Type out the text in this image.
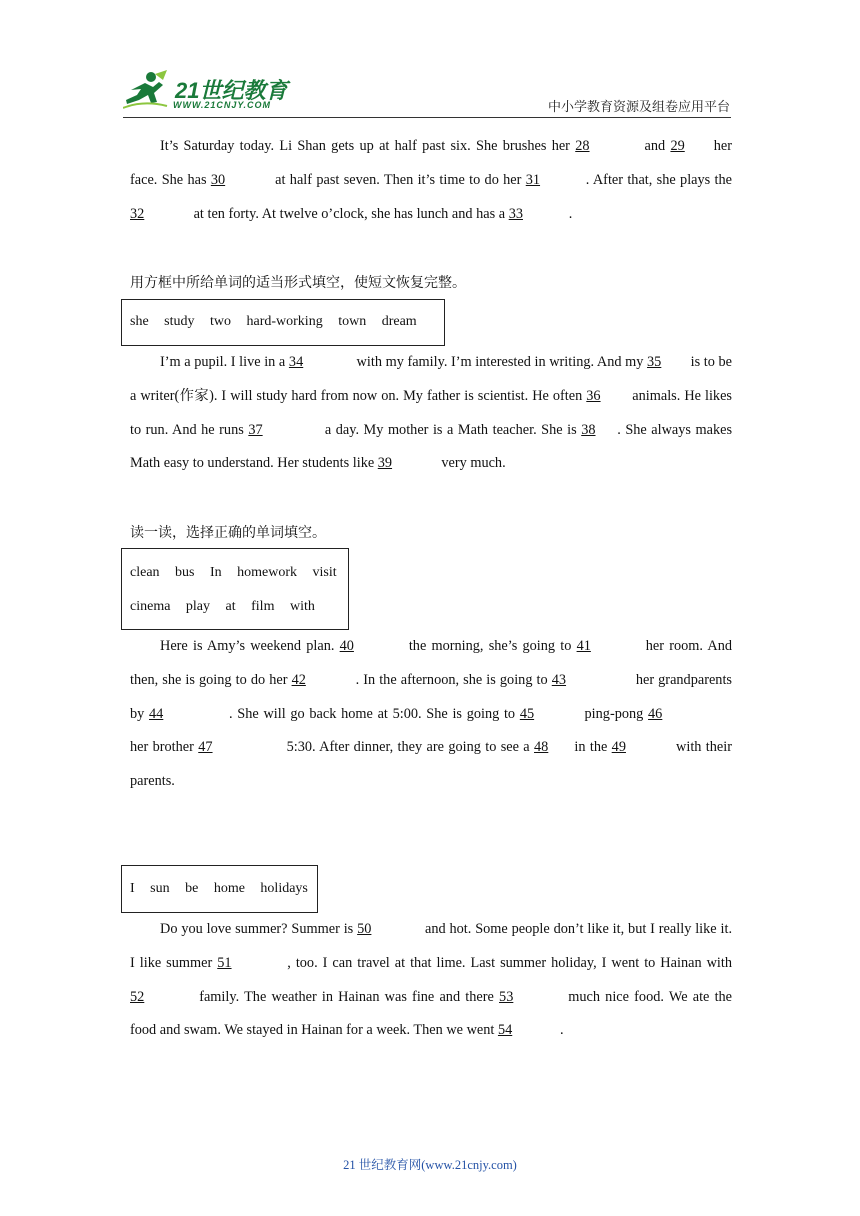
21世纪教育
WWW.21CNJY.COM	中小学教育资源及组卷应用平台
It’s Saturday today. Li Shan gets up at half past six. She brushes her 28	and 29 her face. She has 30	at half past seven. Then it’s time to do her 31	. After that, she plays the 32	at ten forty. At twelve o’clock, she has lunch and has a 33	.
用方框中所给单词的适当形式填空，使短文恢复完整。
she study two hard-working town dream
I’m a pupil. I live in a 34	with my family. I’m interested in writing. And my 35 is to be a writer(作家). I will study hard from now on. My father is scientist. He often 36 animals. He likes to run. And he runs 37	a day. My mother is a Math teacher. She is 38 . She always makes Math easy to understand. Her students like 39	very much.
读一读，选择正确的单词填空。
clean bus In homework visit
cinema play at film with
Here is Amy’s weekend plan. 40	the morning, she’s going to 41	her room. And then, she is going to do her 42	. In the afternoon, she is going to 43	her grandparents by 44	. She will go back home at 5:00. She is going to 45	ping-pong 46 her brother 47	5:30. After dinner, they are going to see a 48 in the 49	with their parents.
I sun be home holidays
Do you love summer? Summer is 50	and hot. Some people don’t like it, but I really like it. I like summer 51	, too. I can travel at that lime. Last summer holiday, I went to Hainan with 52	family. The weather in Hainan was fine and there 53	much nice food. We ate the food and swam. We stayed in Hainan for a week. Then we went 54	.
21 世纪教育网(www.21cnjy.com)
